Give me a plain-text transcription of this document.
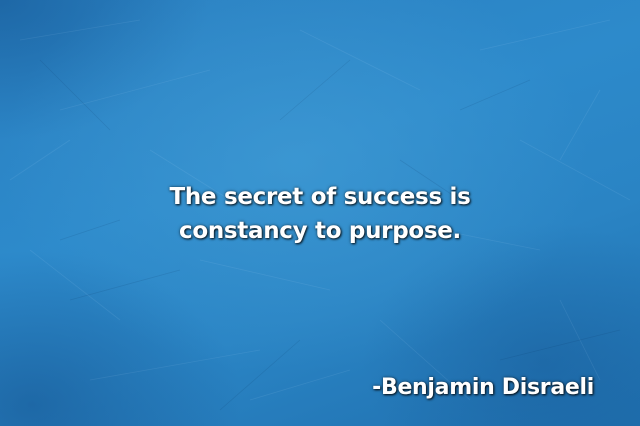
The secret of success is
constancy to purpose.

-Benjamin Disraeli
